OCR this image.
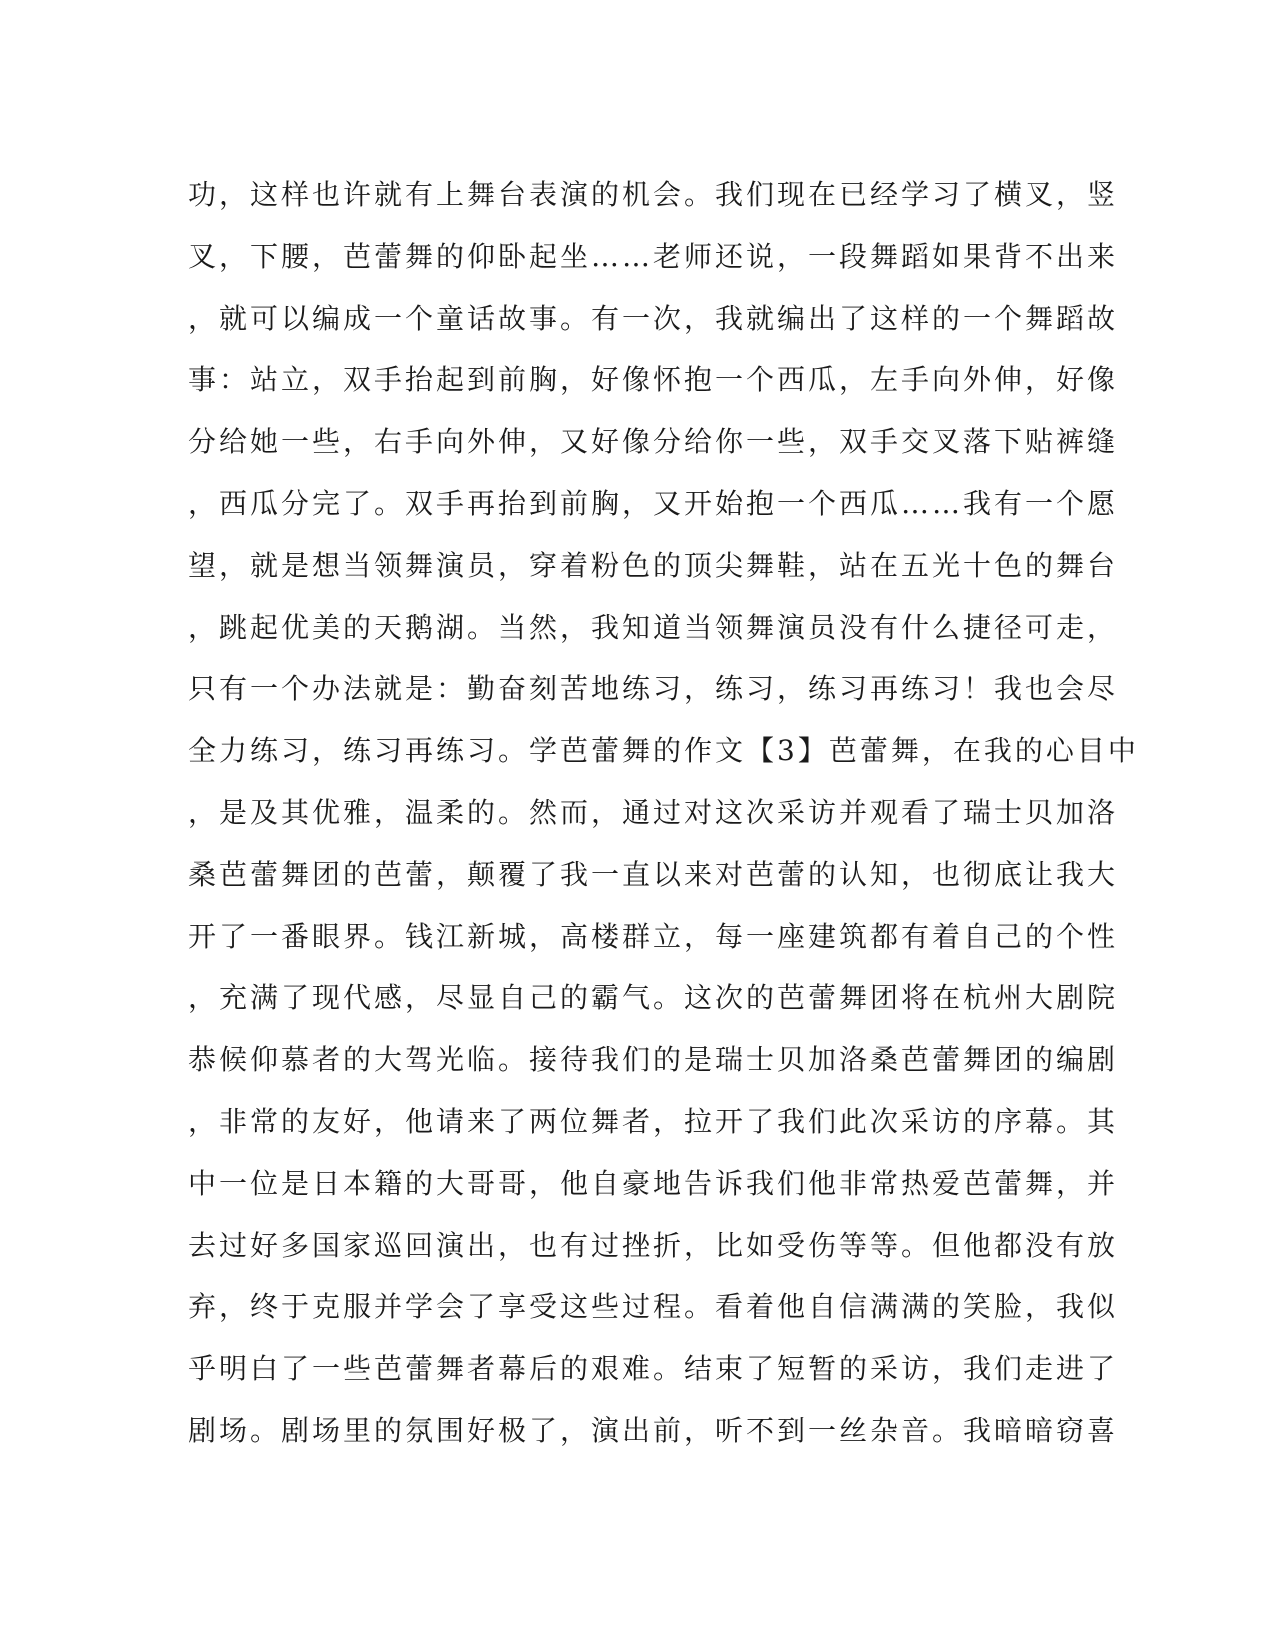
功，这样也许就有上舞台表演的机会。我们现在已经学习了横叉，竖
叉，下腰，芭蕾舞的仰卧起坐……老师还说，一段舞蹈如果背不出来
，就可以编成一个童话故事。有一次，我就编出了这样的一个舞蹈故
事：站立，双手抬起到前胸，好像怀抱一个西瓜，左手向外伸，好像
分给她一些，右手向外伸，又好像分给你一些，双手交叉落下贴裤缝
，西瓜分完了。双手再抬到前胸，又开始抱一个西瓜……我有一个愿
望，就是想当领舞演员，穿着粉色的顶尖舞鞋，站在五光十色的舞台
，跳起优美的天鹅湖。当然，我知道当领舞演员没有什么捷径可走，
只有一个办法就是：勤奋刻苦地练习，练习，练习再练习！我也会尽
全力练习，练习再练习。学芭蕾舞的作文【3】芭蕾舞，在我的心目中
，是及其优雅，温柔的。然而，通过对这次采访并观看了瑞士贝加洛
桑芭蕾舞团的芭蕾，颠覆了我一直以来对芭蕾的认知，也彻底让我大
开了一番眼界。钱江新城，高楼群立，每一座建筑都有着自己的个性
，充满了现代感，尽显自己的霸气。这次的芭蕾舞团将在杭州大剧院
恭候仰慕者的大驾光临。接待我们的是瑞士贝加洛桑芭蕾舞团的编剧
，非常的友好，他请来了两位舞者，拉开了我们此次采访的序幕。其
中一位是日本籍的大哥哥，他自豪地告诉我们他非常热爱芭蕾舞，并
去过好多国家巡回演出，也有过挫折，比如受伤等等。但他都没有放
弃，终于克服并学会了享受这些过程。看着他自信满满的笑脸，我似
乎明白了一些芭蕾舞者幕后的艰难。结束了短暂的采访，我们走进了
剧场。剧场里的氛围好极了，演出前，听不到一丝杂音。我暗暗窃喜
